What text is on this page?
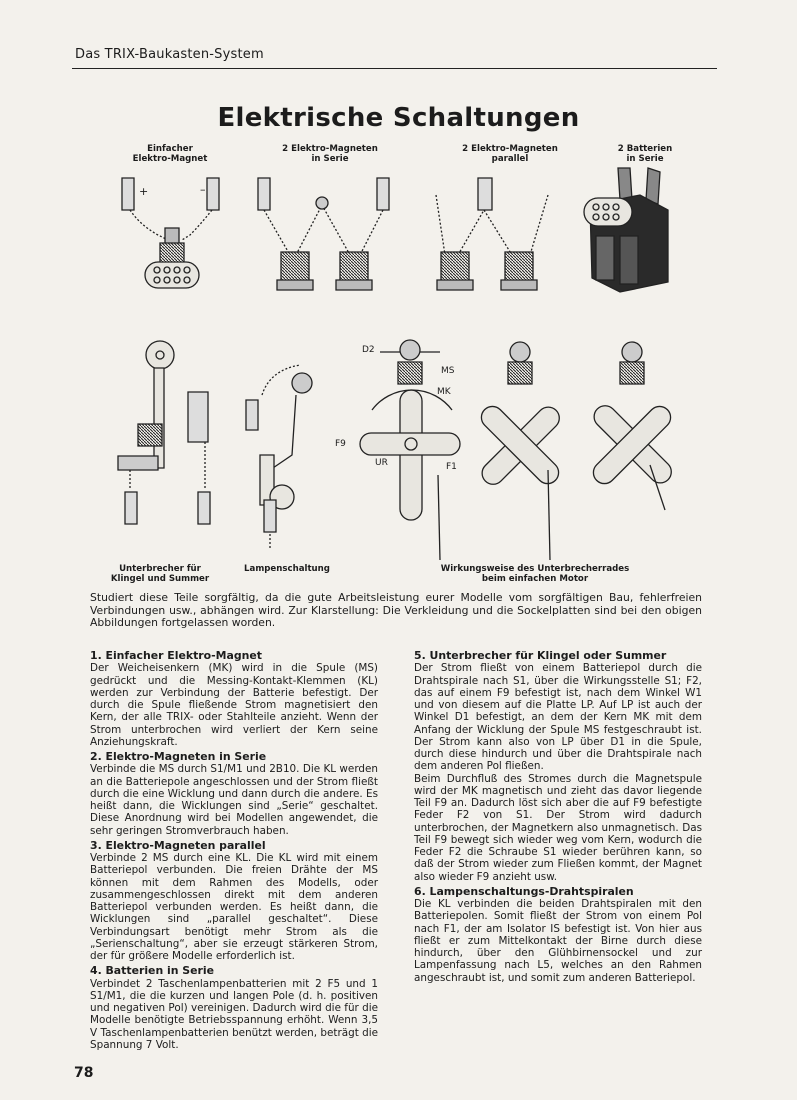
Das TRIX-Baukasten-System
Elektrische Schaltungen
Einfacher
Elektro-Magnet
2 Elektro-Magneten
in Serie
2 Elektro-Magneten
parallel
2 Batterien
in Serie
Unterbrecher für
Klingel und Summer
Lampenschaltung	Wirkungsweise des Unterbrecherrades
beim einfachen Motor
+	–
D2
MS
MK
F9
UR	F1
Studiert diese Teile sorgfältig, da die gute Arbeitsleistung eurer Modelle vom sorgfältigen Bau, fehlerfreien Verbindungen usw., abhängen wird. Zur Klarstellung: Die Verkleidung und die Sockelplatten sind bei den obigen Abbildungen fortgelassen worden.
1. Einfacher Elektro-Magnet

Der Weicheisenkern (MK) wird in die Spule (MS) gedrückt und die Messing-Kontakt-Klemmen (KL) werden zur Verbindung der Batterie befestigt. Der durch die Spule fließende Strom magnetisiert den Kern, der alle TRIX- oder Stahlteile anzieht. Wenn der Strom unterbrochen wird verliert der Kern seine Anziehungskraft.

2. Elektro-Magneten in Serie

Verbinde die MS durch S1/M1 und 2B10. Die KL werden an die Batteriepole angeschlossen und der Strom fließt durch die eine Wicklung und dann durch die andere. Es heißt dann, die Wicklungen sind „Serie“ geschaltet. Diese Anordnung wird bei Modellen angewendet, die sehr geringen Stromverbrauch haben.

3. Elektro-Magneten parallel

Verbinde 2 MS durch eine KL. Die KL wird mit einem Batteriepol verbunden. Die freien Drähte der MS können mit dem Rahmen des Modells, oder zusammengeschlossen direkt mit dem anderen Batteriepol verbunden werden. Es heißt dann, die Wicklungen sind „parallel geschaltet“. Diese Verbindungsart benötigt mehr Strom als die „Serienschaltung“, aber sie erzeugt stärkeren Strom, der für größere Modelle erforderlich ist.

4. Batterien in Serie

Verbindet 2 Taschenlampenbatterien mit 2 F5 und 1 S1/M1, die die kurzen und langen Pole (d. h. positiven und negativen Pol) vereinigen. Dadurch wird die für die Modelle benötigte Betriebsspannung erhöht. Wenn 3,5 V Taschenlampenbatterien benützt werden, beträgt die Spannung 7 Volt.

5. Unterbrecher für Klingel oder Summer

Der Strom fließt von einem Batteriepol durch die Drahtspirale nach S1, über die Wirkungsstelle S1; F2, das auf einem F9 befestigt ist, nach dem Winkel W1 und von diesem auf die Platte LP. Auf LP ist auch der Winkel D1 befestigt, an dem der Kern MK mit dem Anfang der Wicklung der Spule MS festgeschraubt ist. Der Strom kann also von LP über D1 in die Spule, durch diese hindurch und über die Drahtspirale nach dem anderen Pol fließen.

Beim Durchfluß des Stromes durch die Magnetspule wird der MK magnetisch und zieht das davor liegende Teil F9 an. Dadurch löst sich aber die auf F9 befestigte Feder F2 von S1. Der Strom wird dadurch unterbrochen, der Magnetkern also unmagnetisch. Das Teil F9 bewegt sich wieder weg vom Kern, wodurch die Feder F2 die Schraube S1 wieder berühren kann, so daß der Strom wieder zum Fließen kommt, der Magnet also wieder F9 anzieht usw.

6. Lampenschaltungs-Drahtspiralen

Die KL verbinden die beiden Drahtspiralen mit den Batteriepolen. Somit fließt der Strom von einem Pol nach F1, der am Isolator IS befestigt ist. Von hier aus fließt er zum Mittelkontakt der Birne durch diese hindurch, über den Glühbirnensockel und zur Lampenfassung nach L5, welches an den Rahmen angeschraubt ist, und somit zum anderen Batteriepol.

78
